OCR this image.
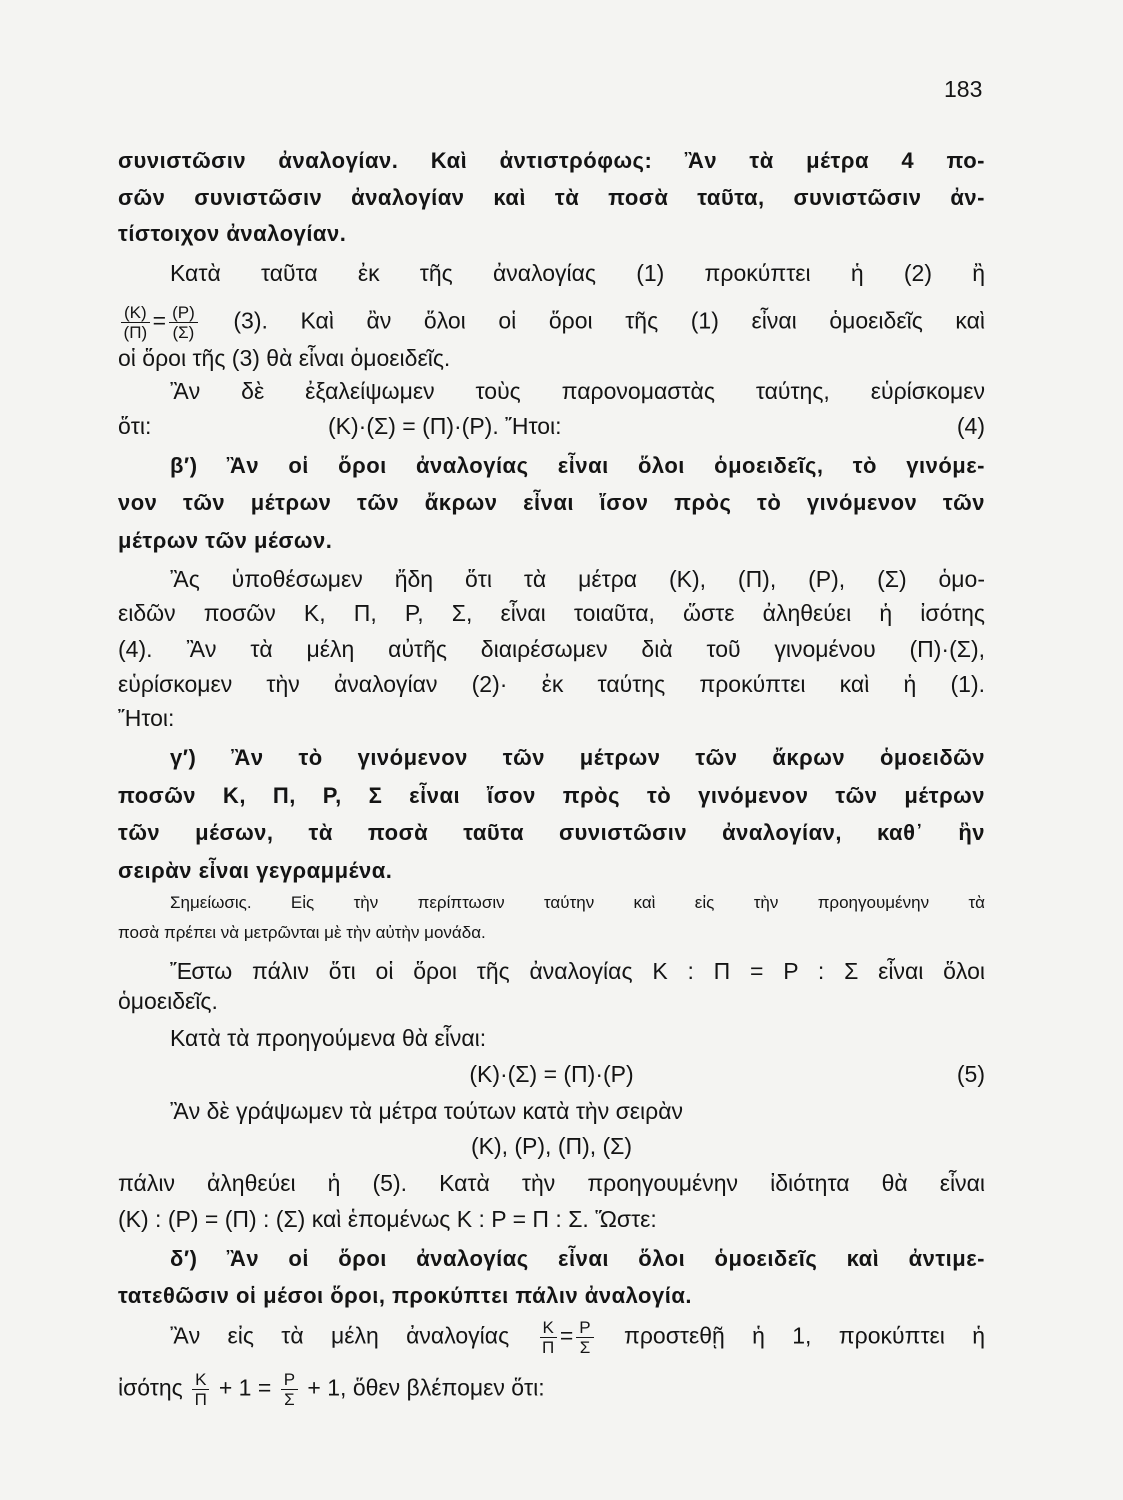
183
συνιστῶσιν ἀναλογίαν. Καὶ ἀντιστρόφως: Ἂν τὰ μέτρα 4 πο-
σῶν συνιστῶσιν ἀναλογίαν καὶ τὰ ποσὰ ταῦτα, συνιστῶσιν ἀν-
τίστοιχον ἀναλογίαν.
Κατὰ ταῦτα ἐκ τῆς ἀναλογίας (1) προκύπτει ἡ (2) ἢ
$\frac{(K)}{(\Pi)} = \frac{(P)}{(\Sigma)} (3)$. Καὶ ἂν ὅλοι οἱ ὅροι τῆς (1) εἶναι ὁμοειδεῖς καὶ
οἱ ὅροι τῆς (3) θὰ εἶναι ὁμοειδεῖς.
Ἂν δὲ ἐξαλείψωμεν τοὺς παρονομαστὰς ταύτης, εὑρίσκομεν
ὅτι:	(Κ)·(Σ) = (Π)·(Ρ). Ἤτοι:	(4)
β′) Ἂν οἱ ὅροι ἀναλογίας εἶναι ὅλοι ὁμοειδεῖς, τὸ γινόμε-
νον τῶν μέτρων τῶν ἄκρων εἶναι ἴσον πρὸς τὸ γινόμενον τῶν
μέτρων τῶν μέσων.
Ἂς ὑποθέσωμεν ἤδη ὅτι τὰ μέτρα (Κ), (Π), (Ρ), (Σ) ὁμο-
ειδῶν ποσῶν Κ, Π, Ρ, Σ, εἶναι τοιαῦτα, ὥστε ἀληθεύει ἡ ἰσότης
(4). Ἂν τὰ μέλη αὐτῆς διαιρέσωμεν διὰ τοῦ γινομένου (Π)·(Σ),
εὑρίσκομεν τὴν ἀναλογίαν (2)· ἐκ ταύτης προκύπτει καὶ ἡ (1).
Ἤτοι:
γ′) Ἂν τὸ γινόμενον τῶν μέτρων τῶν ἄκρων ὁμοειδῶν
ποσῶν Κ, Π, Ρ, Σ εἶναι ἴσον πρὸς τὸ γινόμενον τῶν μέτρων
τῶν μέσων, τὰ ποσὰ ταῦτα συνιστῶσιν ἀναλογίαν, καθ᾽ ἣν
σειρὰν εἶναι γεγραμμένα.
Σημείωσις. Εἰς τὴν περίπτωσιν ταύτην καὶ εἰς τὴν προηγουμένην τὰ
ποσὰ πρέπει νὰ μετρῶνται μὲ τὴν αὐτὴν μονάδα.
Ἔστω πάλιν ὅτι οἱ ὅροι τῆς ἀναλογίας Κ : Π = Ρ : Σ εἶναι ὅλοι
ὁμοειδεῖς.
Κατὰ τὰ προηγούμενα θὰ εἶναι:
(Κ)·(Σ) = (Π)·(Ρ)	(5)
Ἂν δὲ γράψωμεν τὰ μέτρα τούτων κατὰ τὴν σειρὰν
(Κ), (Ρ), (Π), (Σ)
πάλιν ἀληθεύει ἡ (5). Κατὰ τὴν προηγουμένην ἰδιότητα θὰ εἶναι
(Κ) : (Ρ) = (Π) : (Σ) καὶ ἑπομένως Κ : Ρ = Π : Σ. Ὥστε:
δ′) Ἂν οἱ ὅροι ἀναλογίας εἶναι ὅλοι ὁμοειδεῖς καὶ ἀντιμε-
τατεθῶσιν οἱ μέσοι ὅροι, προκύπτει πάλιν ἀναλογία.
Ἂν εἰς τὰ μέλη ἀναλογίας $\frac{K}{\Pi} = \frac{P}{\Sigma}$ προστεθῇ ἡ 1, προκύπτει ἡ
ἰσότης $\frac{K}{\Pi} + 1 = \frac{P}{\Sigma} + 1$, ὅθεν βλέπομεν ὅτι:
